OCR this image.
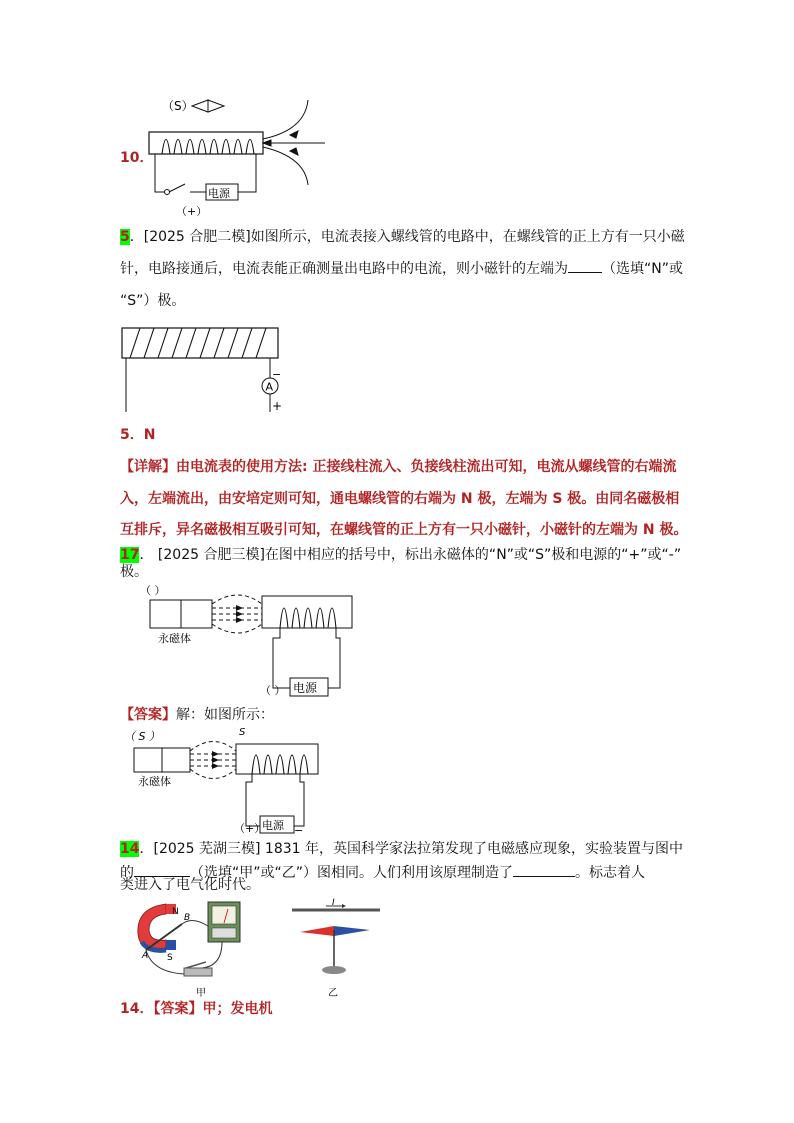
10．
（S）
电源
（+）
5．[2025 合肥二模]如图所示，电流表接入螺线管的电路中，在螺线管的正上方有一只小磁
针，电路接通后，电流表能正确测量出电路中的电流，则小磁针的左端为 （选填“N”或
“S”）极。
A
−
+
5．N
【详解】由电流表的使用方法: 正接线柱流入、负接线柱流出可知，电流从螺线管的右端流
入，左端流出，由安培定则可知，通电螺线管的右端为 N 极，左端为 S 极。由同名磁极相
互排斥，异名磁极相互吸引可知，在螺线管的正上方有一只小磁针，小磁针的左端为 N 极。
17． [2025 合肥三模]在图中相应的括号中，标出永磁体的“N”或“S”极和电源的“+”或“-”
极。
（ ）
永磁体
电源
（ ）
【答案】解：如图所示：
（ S ）	S
永磁体
电源
（+）	−
14．[2025 芜湖三模] 1831 年，英国科学家法拉第发现了电磁感应现象，实验装置与图中
的	（选填“甲”或“乙”）图相同。人们利用该原理制造了	。标志着人
类进入了电气化时代。
N
S
A
B
甲
I
乙
14．【答案】甲；发电机
